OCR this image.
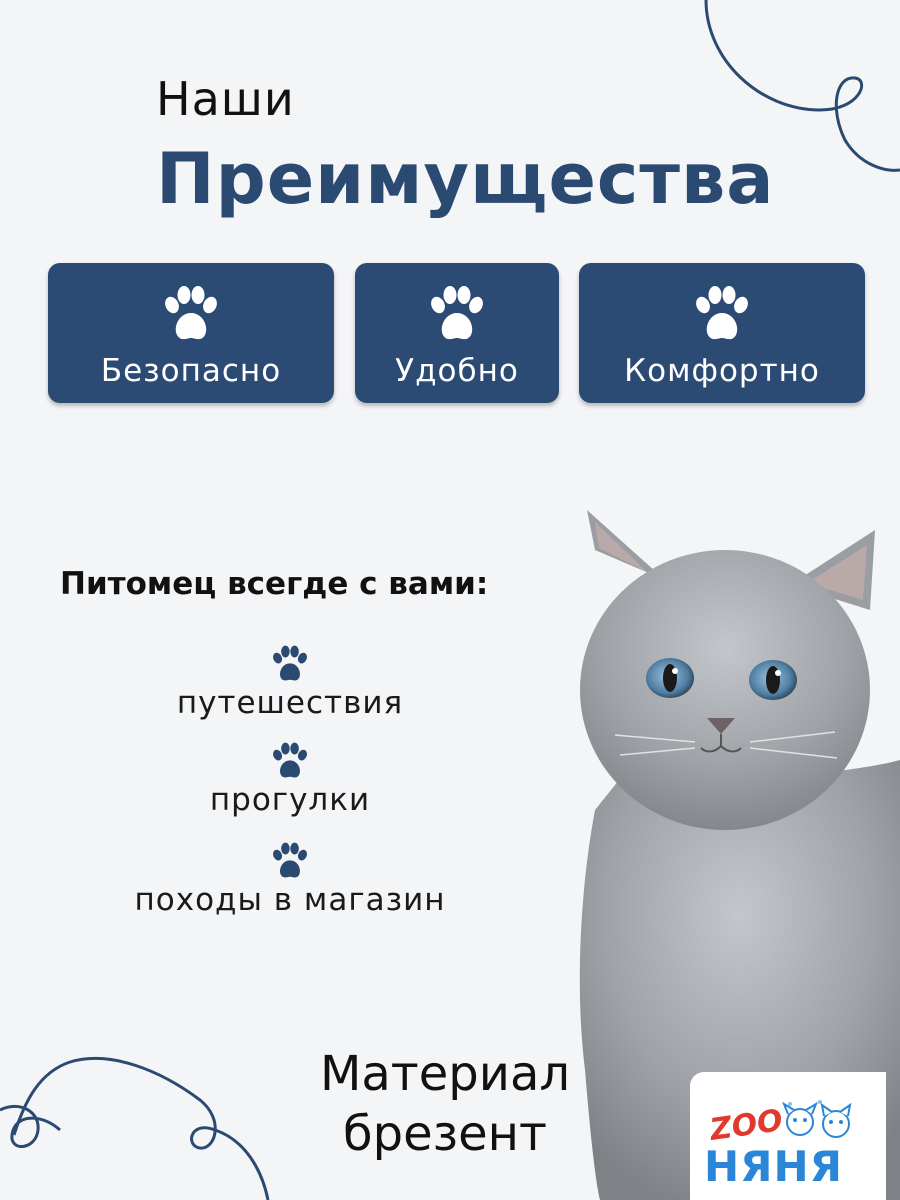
Наши
Преимущества
Безопасно	Удобно	Комфортно
Питомец всегде с вами:
путешествия
прогулки
походы в магазин
Материал
брезент	ZOO
НЯНЯ
